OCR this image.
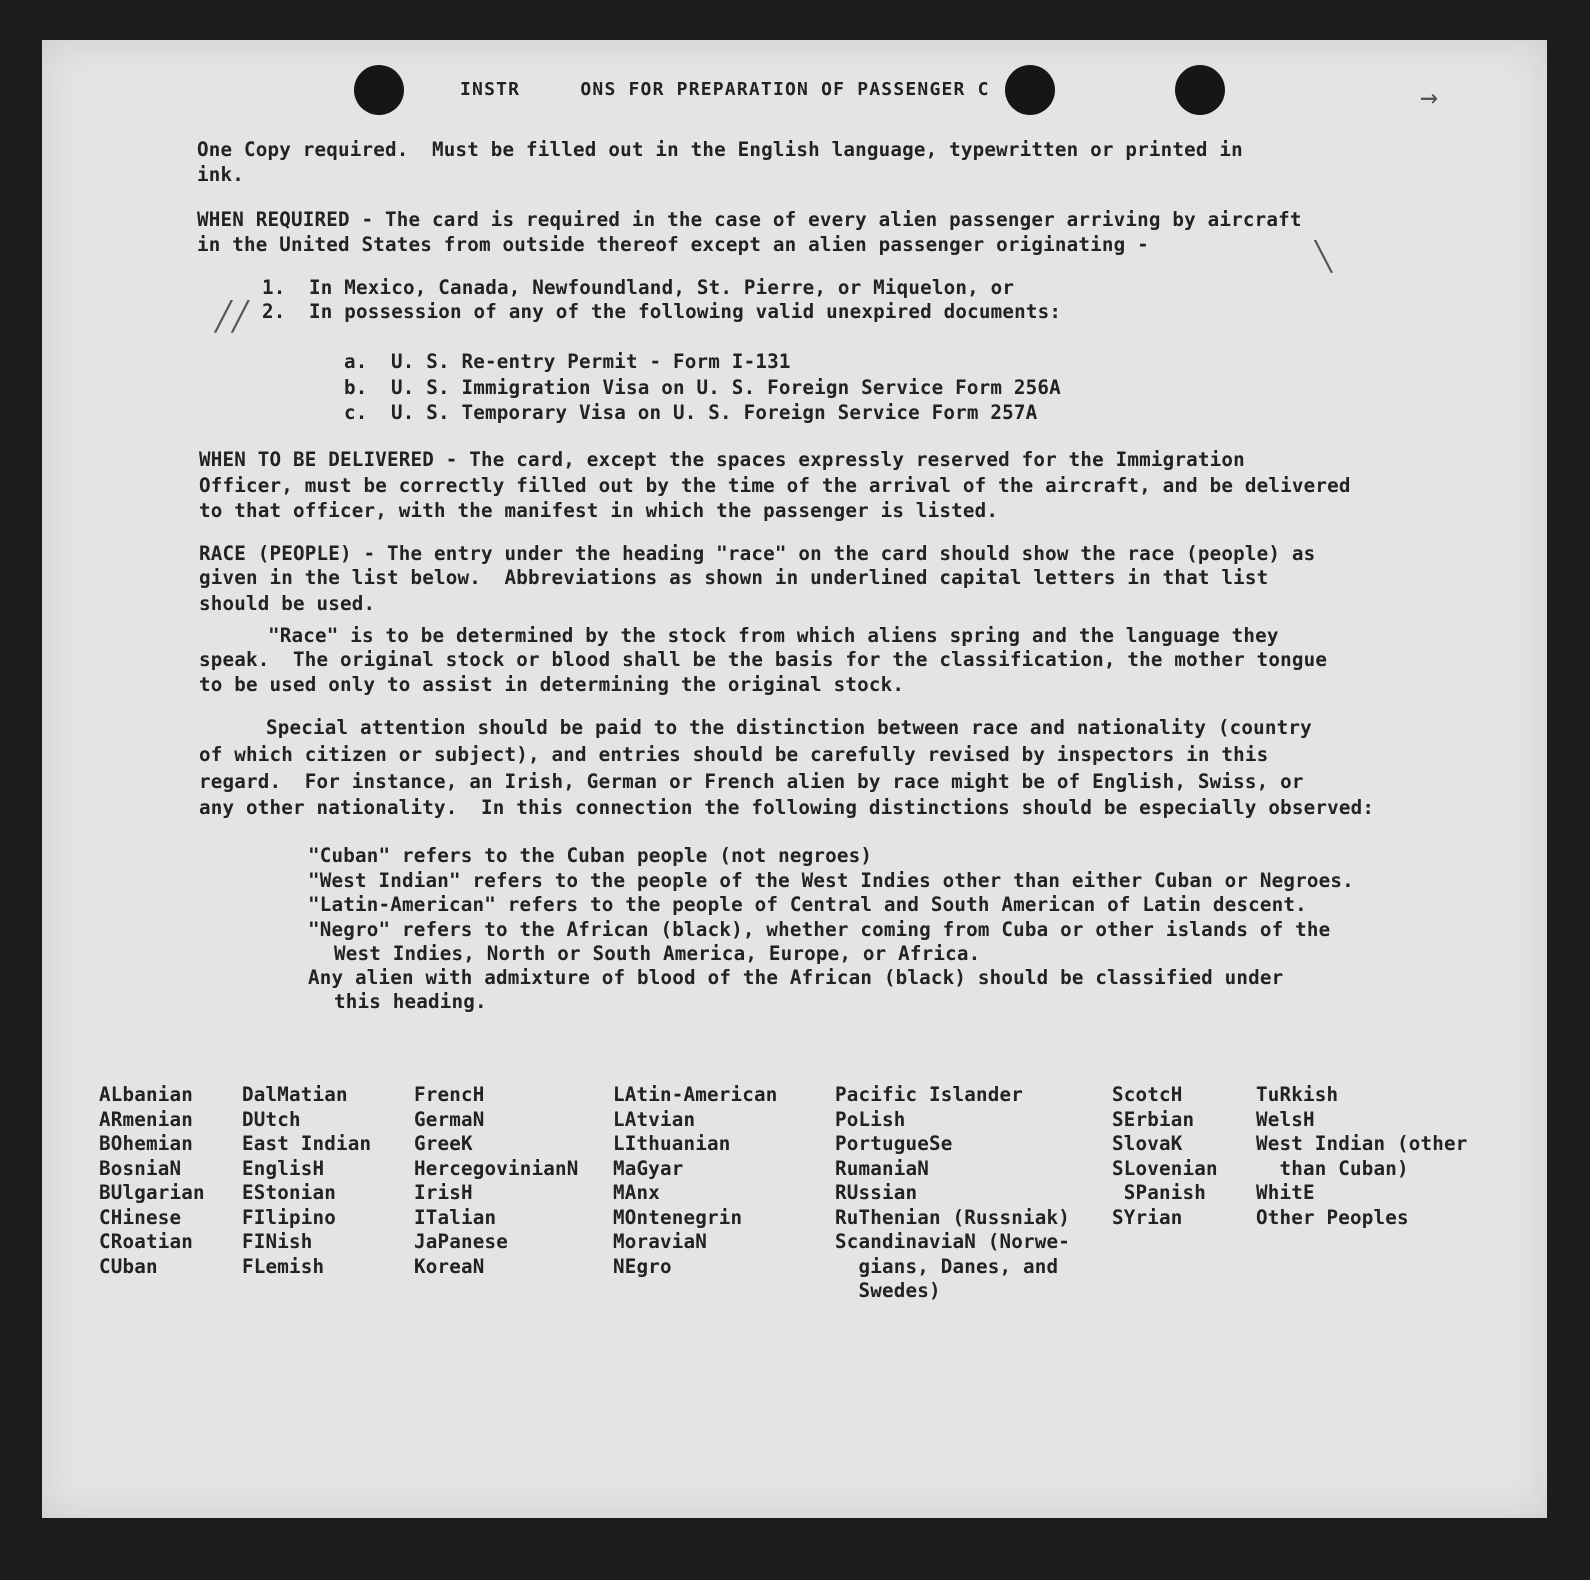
INSTR     ONS FOR PREPARATION OF PASSENGER C
One Copy required.  Must be filled out in the English language, typewritten or printed in
ink.
WHEN REQUIRED - The card is required in the case of every alien passenger arriving by aircraft
in the United States from outside thereof except an alien passenger originating -
1.  In Mexico, Canada, Newfoundland, St. Pierre, or Miquelon, or
2.  In possession of any of the following valid unexpired documents:
a.  U. S. Re-entry Permit - Form I-131
b.  U. S. Immigration Visa on U. S. Foreign Service Form 256A
c.  U. S. Temporary Visa on U. S. Foreign Service Form 257A
WHEN TO BE DELIVERED - The card, except the spaces expressly reserved for the Immigration
Officer, must be correctly filled out by the time of the arrival of the aircraft, and be delivered
to that officer, with the manifest in which the passenger is listed.
RACE (PEOPLE) - The entry under the heading "race" on the card should show the race (people) as
given in the list below.  Abbreviations as shown in underlined capital letters in that list
should be used.
"Race" is to be determined by the stock from which aliens spring and the language they
speak.  The original stock or blood shall be the basis for the classification, the mother tongue
to be used only to assist in determining the original stock.
Special attention should be paid to the distinction between race and nationality (country
of which citizen or subject), and entries should be carefully revised by inspectors in this
regard.  For instance, an Irish, German or French alien by race might be of English, Swiss, or
any other nationality.  In this connection the following distinctions should be especially observed:
"Cuban" refers to the Cuban people (not negroes)
"West Indian" refers to the people of the West Indies other than either Cuban or Negroes.
"Latin-American" refers to the people of Central and South American of Latin descent.
"Negro" refers to the African (black), whether coming from Cuba or other islands of the
West Indies, North or South America, Europe, or Africa.
Any alien with admixture of blood of the African (black) should be classified under
this heading.
ALbanian
ARmenian
BOhemian
BosniaN
BUlgarian
CHinese
CRoatian
CUban
DalMatian
DUtch
East Indian
EnglisH
EStonian
FIlipino
FINish
FLemish
FrencH
GermaN
GreeK
HercegovinianN
IrisH
ITalian
JaPanese
KoreaN
LAtin-American
LAtvian
LIthuanian
MaGyar
MAnx
MOntenegrin
MoraviaN
NEgro
Pacific Islander
PoLish
PortugueSe
RumaniaN
RUssian
RuThenian (Russniak)
ScandinaviaN (Norwe-
gians, Danes, and
Swedes)
ScotcH
SErbian
SlovaK
SLovenian
SPanish
SYrian
TuRkish
WelsH
West Indian (other
than Cuban)
WhitE
Other Peoples
╱╱
╲
→
